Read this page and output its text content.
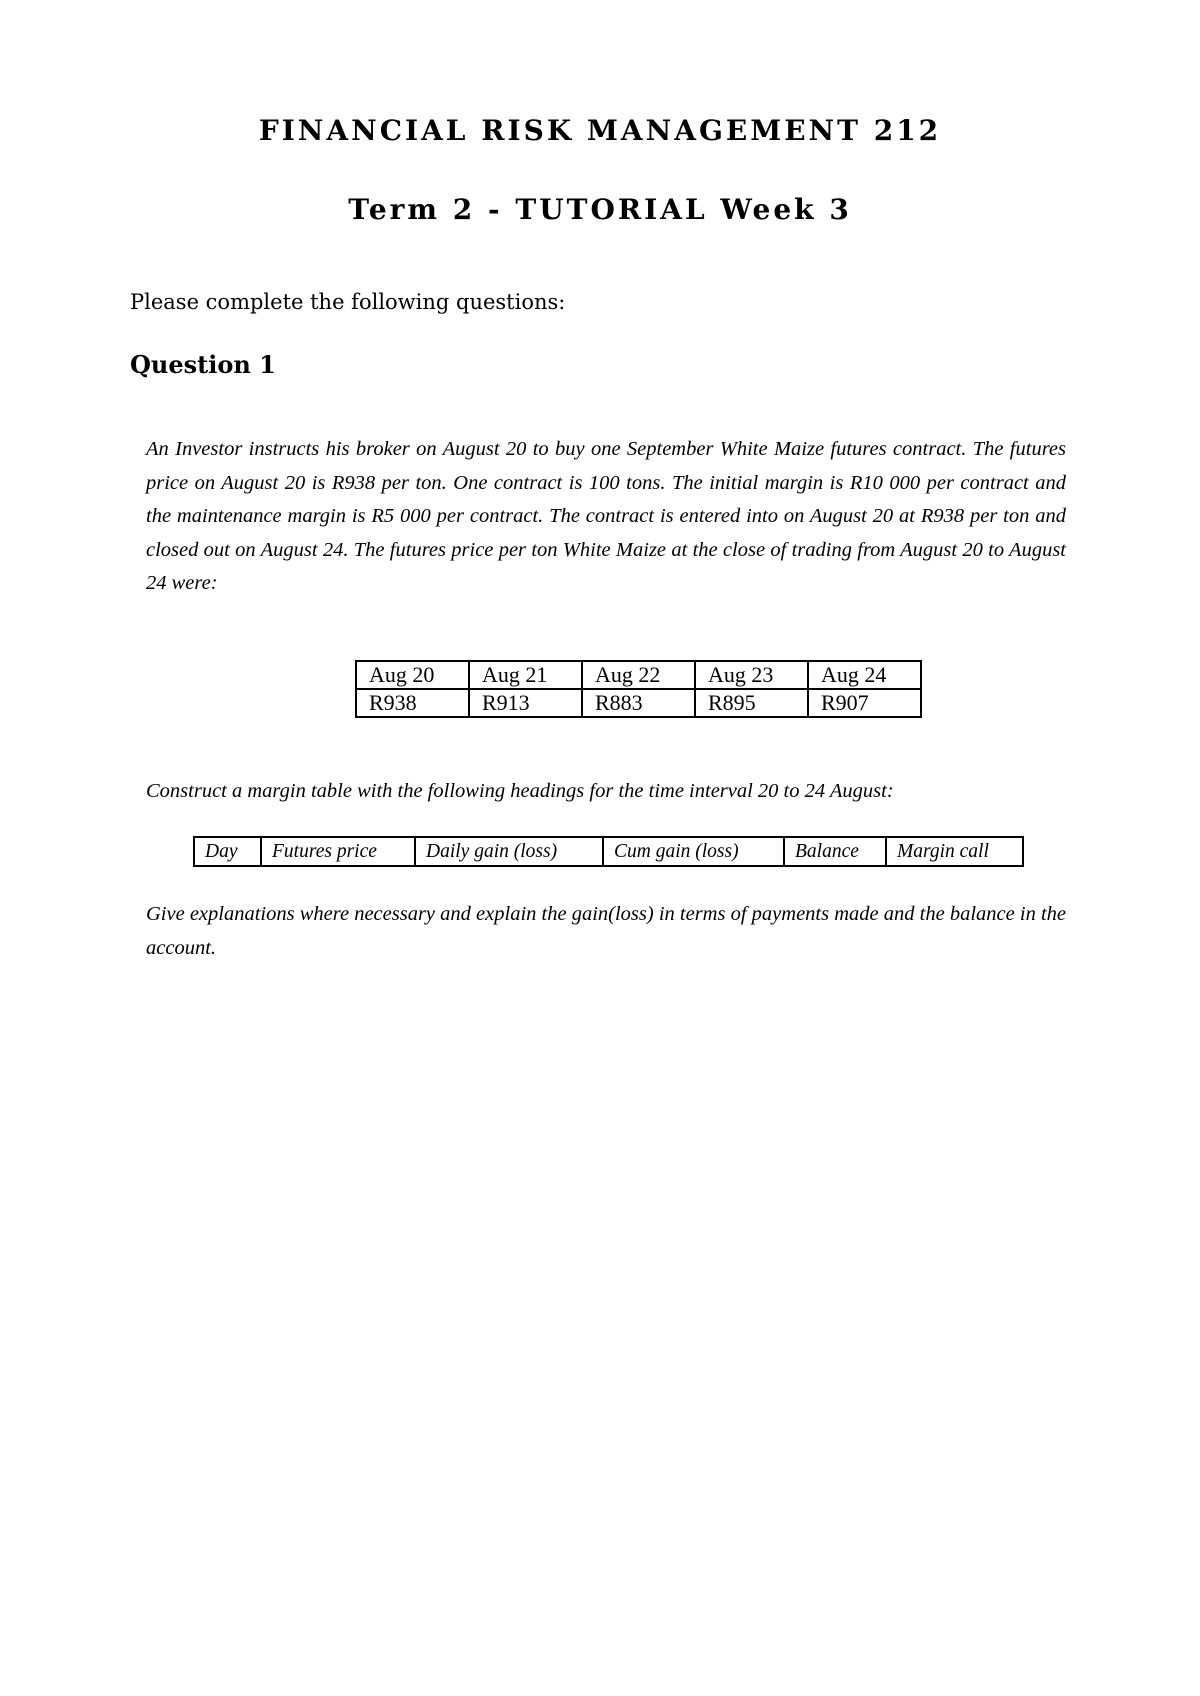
FINANCIAL RISK MANAGEMENT 212
Term 2 - TUTORIAL Week 3
Please complete the following questions:
Question 1
An Investor instructs his broker on August 20 to buy one September White Maize futures contract. The futures price on August 20 is R938 per ton. One contract is 100 tons. The initial margin is R10 000 per contract and the maintenance margin is R5 000 per contract. The contract is entered into on August 20 at R938 per ton and closed out on August 24. The futures price per ton White Maize at the close of trading from August 20 to August 24 were:
Aug 20	Aug 21	Aug 22	Aug 23	Aug 24
R938	R913	R883	R895	R907
Construct a margin table with the following headings for the time interval 20 to 24 August:
Day	Futures price	Daily gain (loss)	Cum gain (loss)	Balance	Margin call
Give explanations where necessary and explain the gain(loss) in terms of payments made and the balance in the account.
